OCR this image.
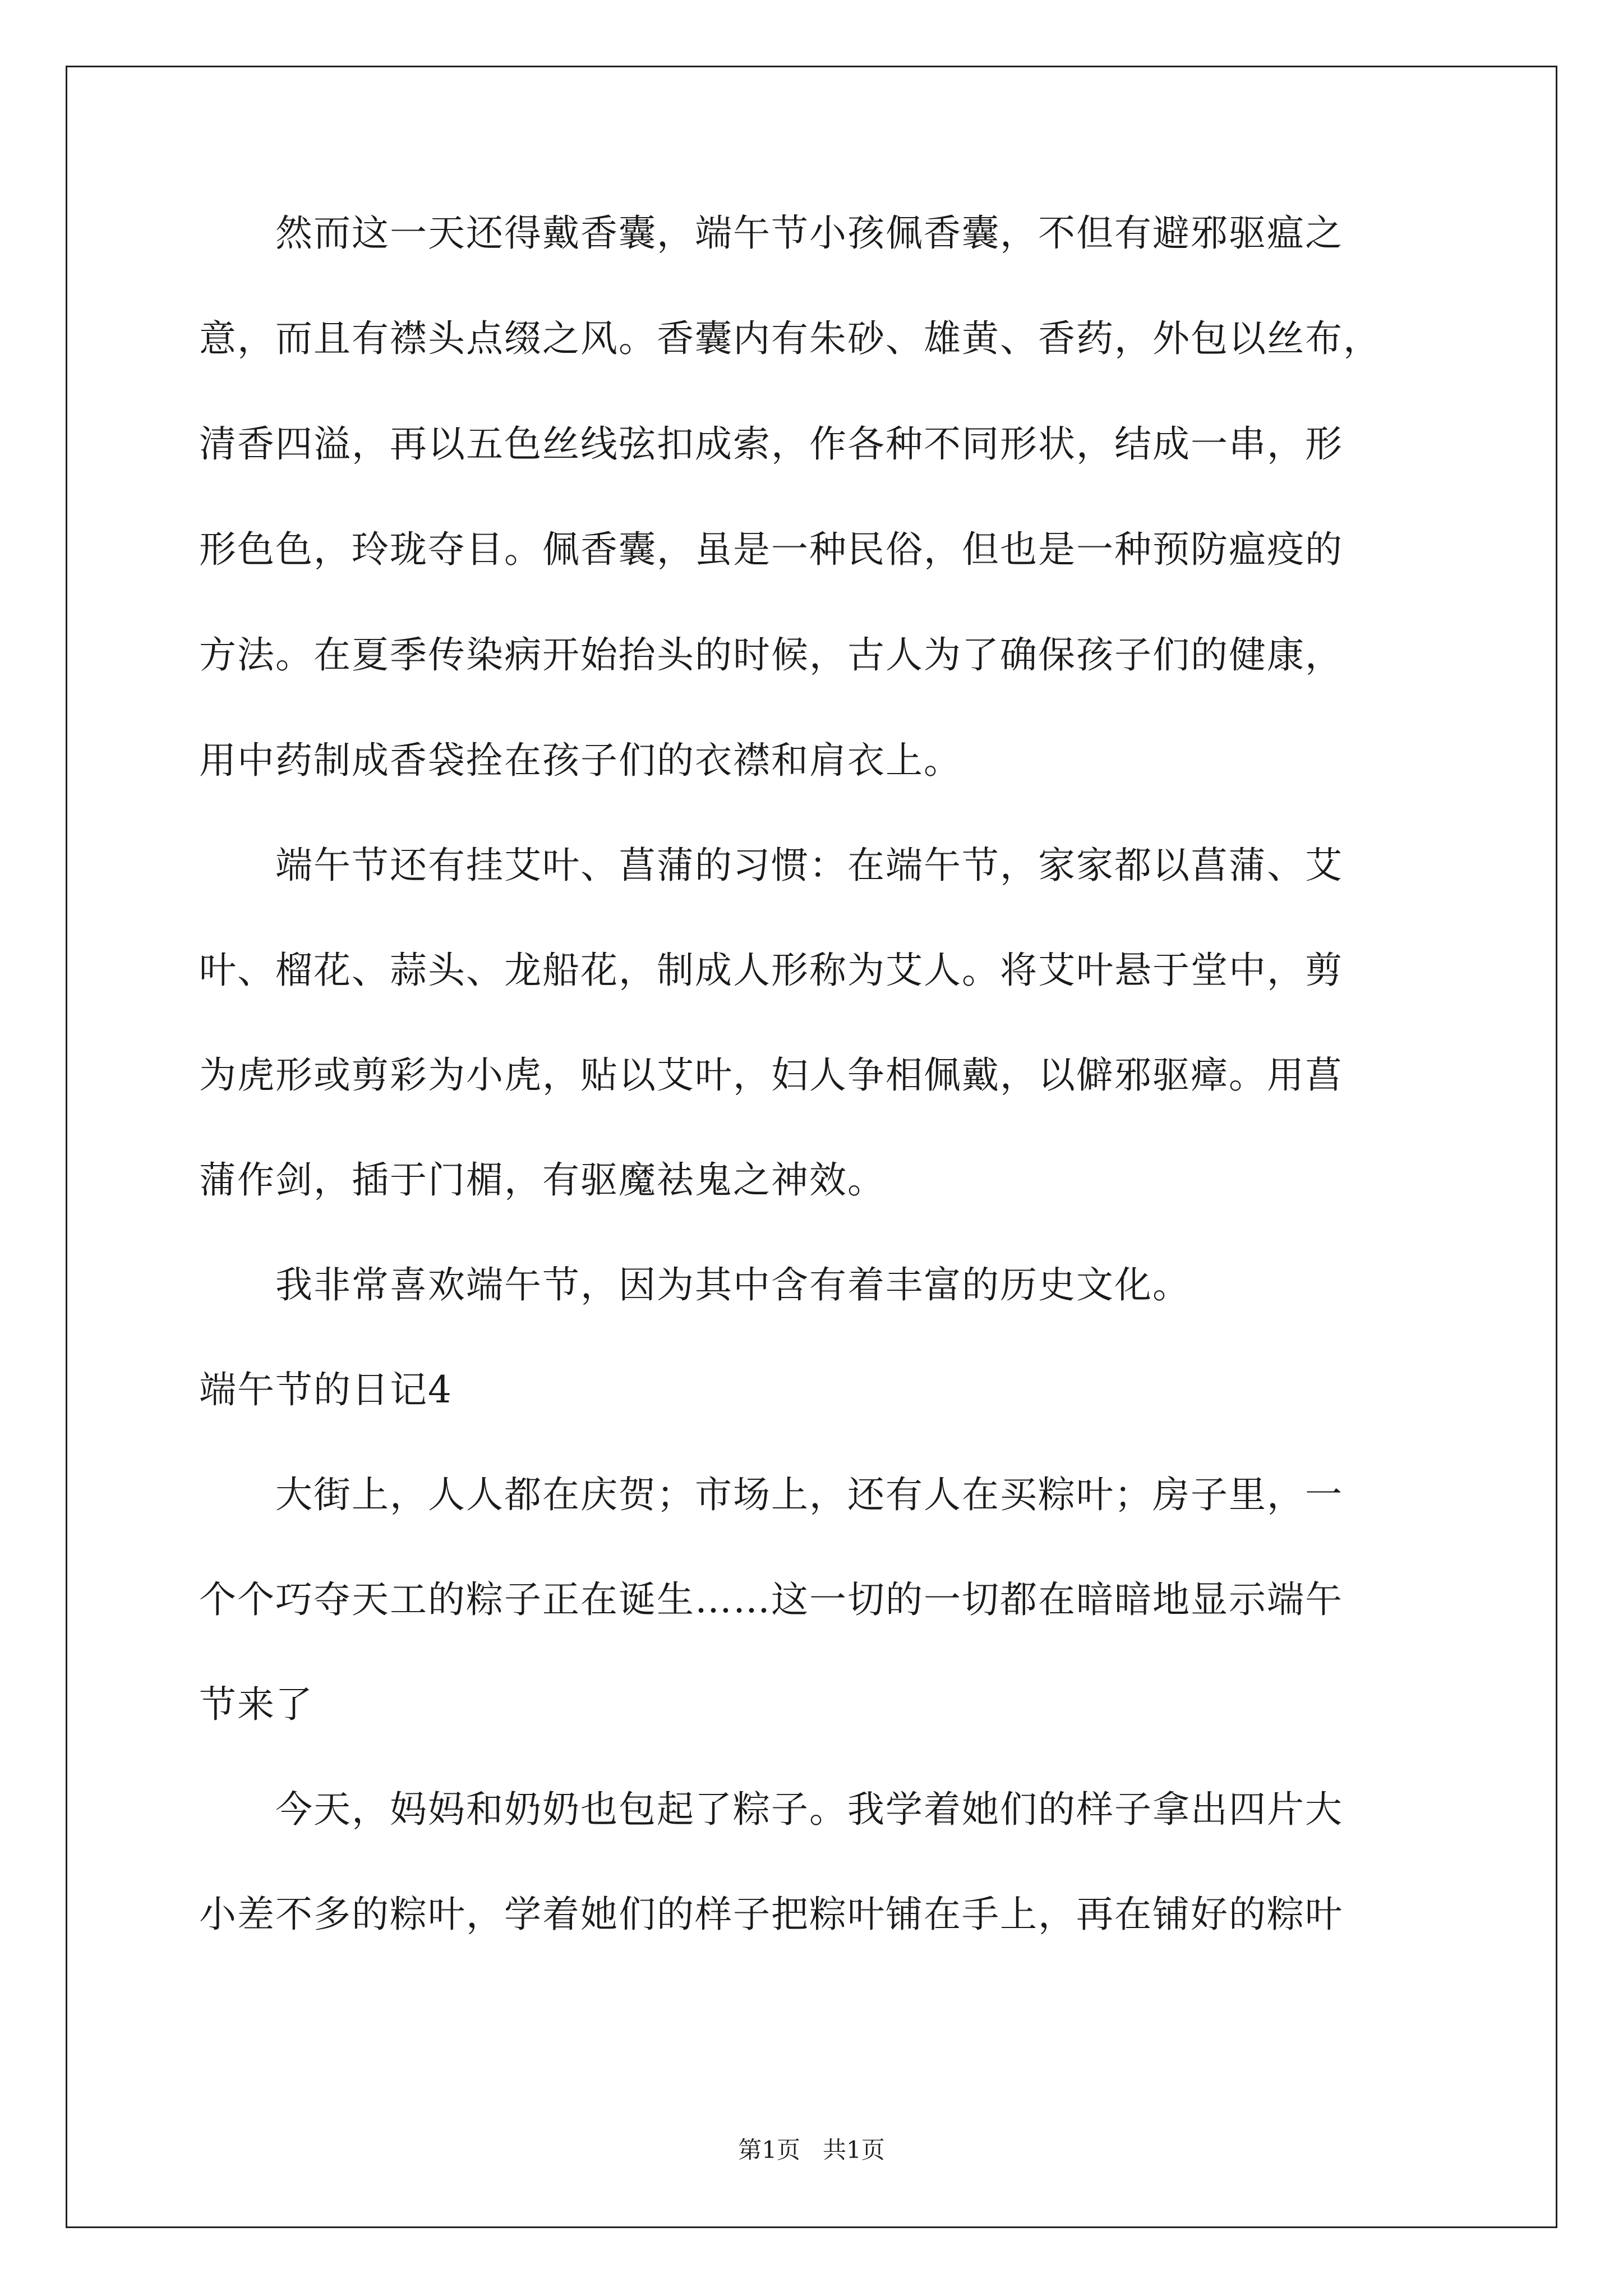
　　然而这一天还得戴香囊，端午节小孩佩香囊，不但有避邪驱瘟之

意，而且有襟头点缀之风。香囊内有朱砂、雄黄、香药，外包以丝布，

清香四溢，再以五色丝线弦扣成索，作各种不同形状，结成一串，形

形色色，玲珑夺目。佩香囊，虽是一种民俗，但也是一种预防瘟疫的

方法。在夏季传染病开始抬头的时候，古人为了确保孩子们的健康，

用中药制成香袋拴在孩子们的衣襟和肩衣上。

　　端午节还有挂艾叶、菖蒲的习惯：在端午节，家家都以菖蒲、艾

叶、榴花、蒜头、龙船花，制成人形称为艾人。将艾叶悬于堂中，剪

为虎形或剪彩为小虎，贴以艾叶，妇人争相佩戴，以僻邪驱瘴。用菖

蒲作剑，插于门楣，有驱魔祛鬼之神效。

　　我非常喜欢端午节，因为其中含有着丰富的历史文化。

端午节的日记4

　　大街上，人人都在庆贺；市场上，还有人在买粽叶；房子里，一

个个巧夺天工的粽子正在诞生……这一切的一切都在暗暗地显示端午

节来了

　　今天，妈妈和奶奶也包起了粽子。我学着她们的样子拿出四片大

小差不多的粽叶，学着她们的样子把粽叶铺在手上，再在铺好的粽叶

第1页   共1页
